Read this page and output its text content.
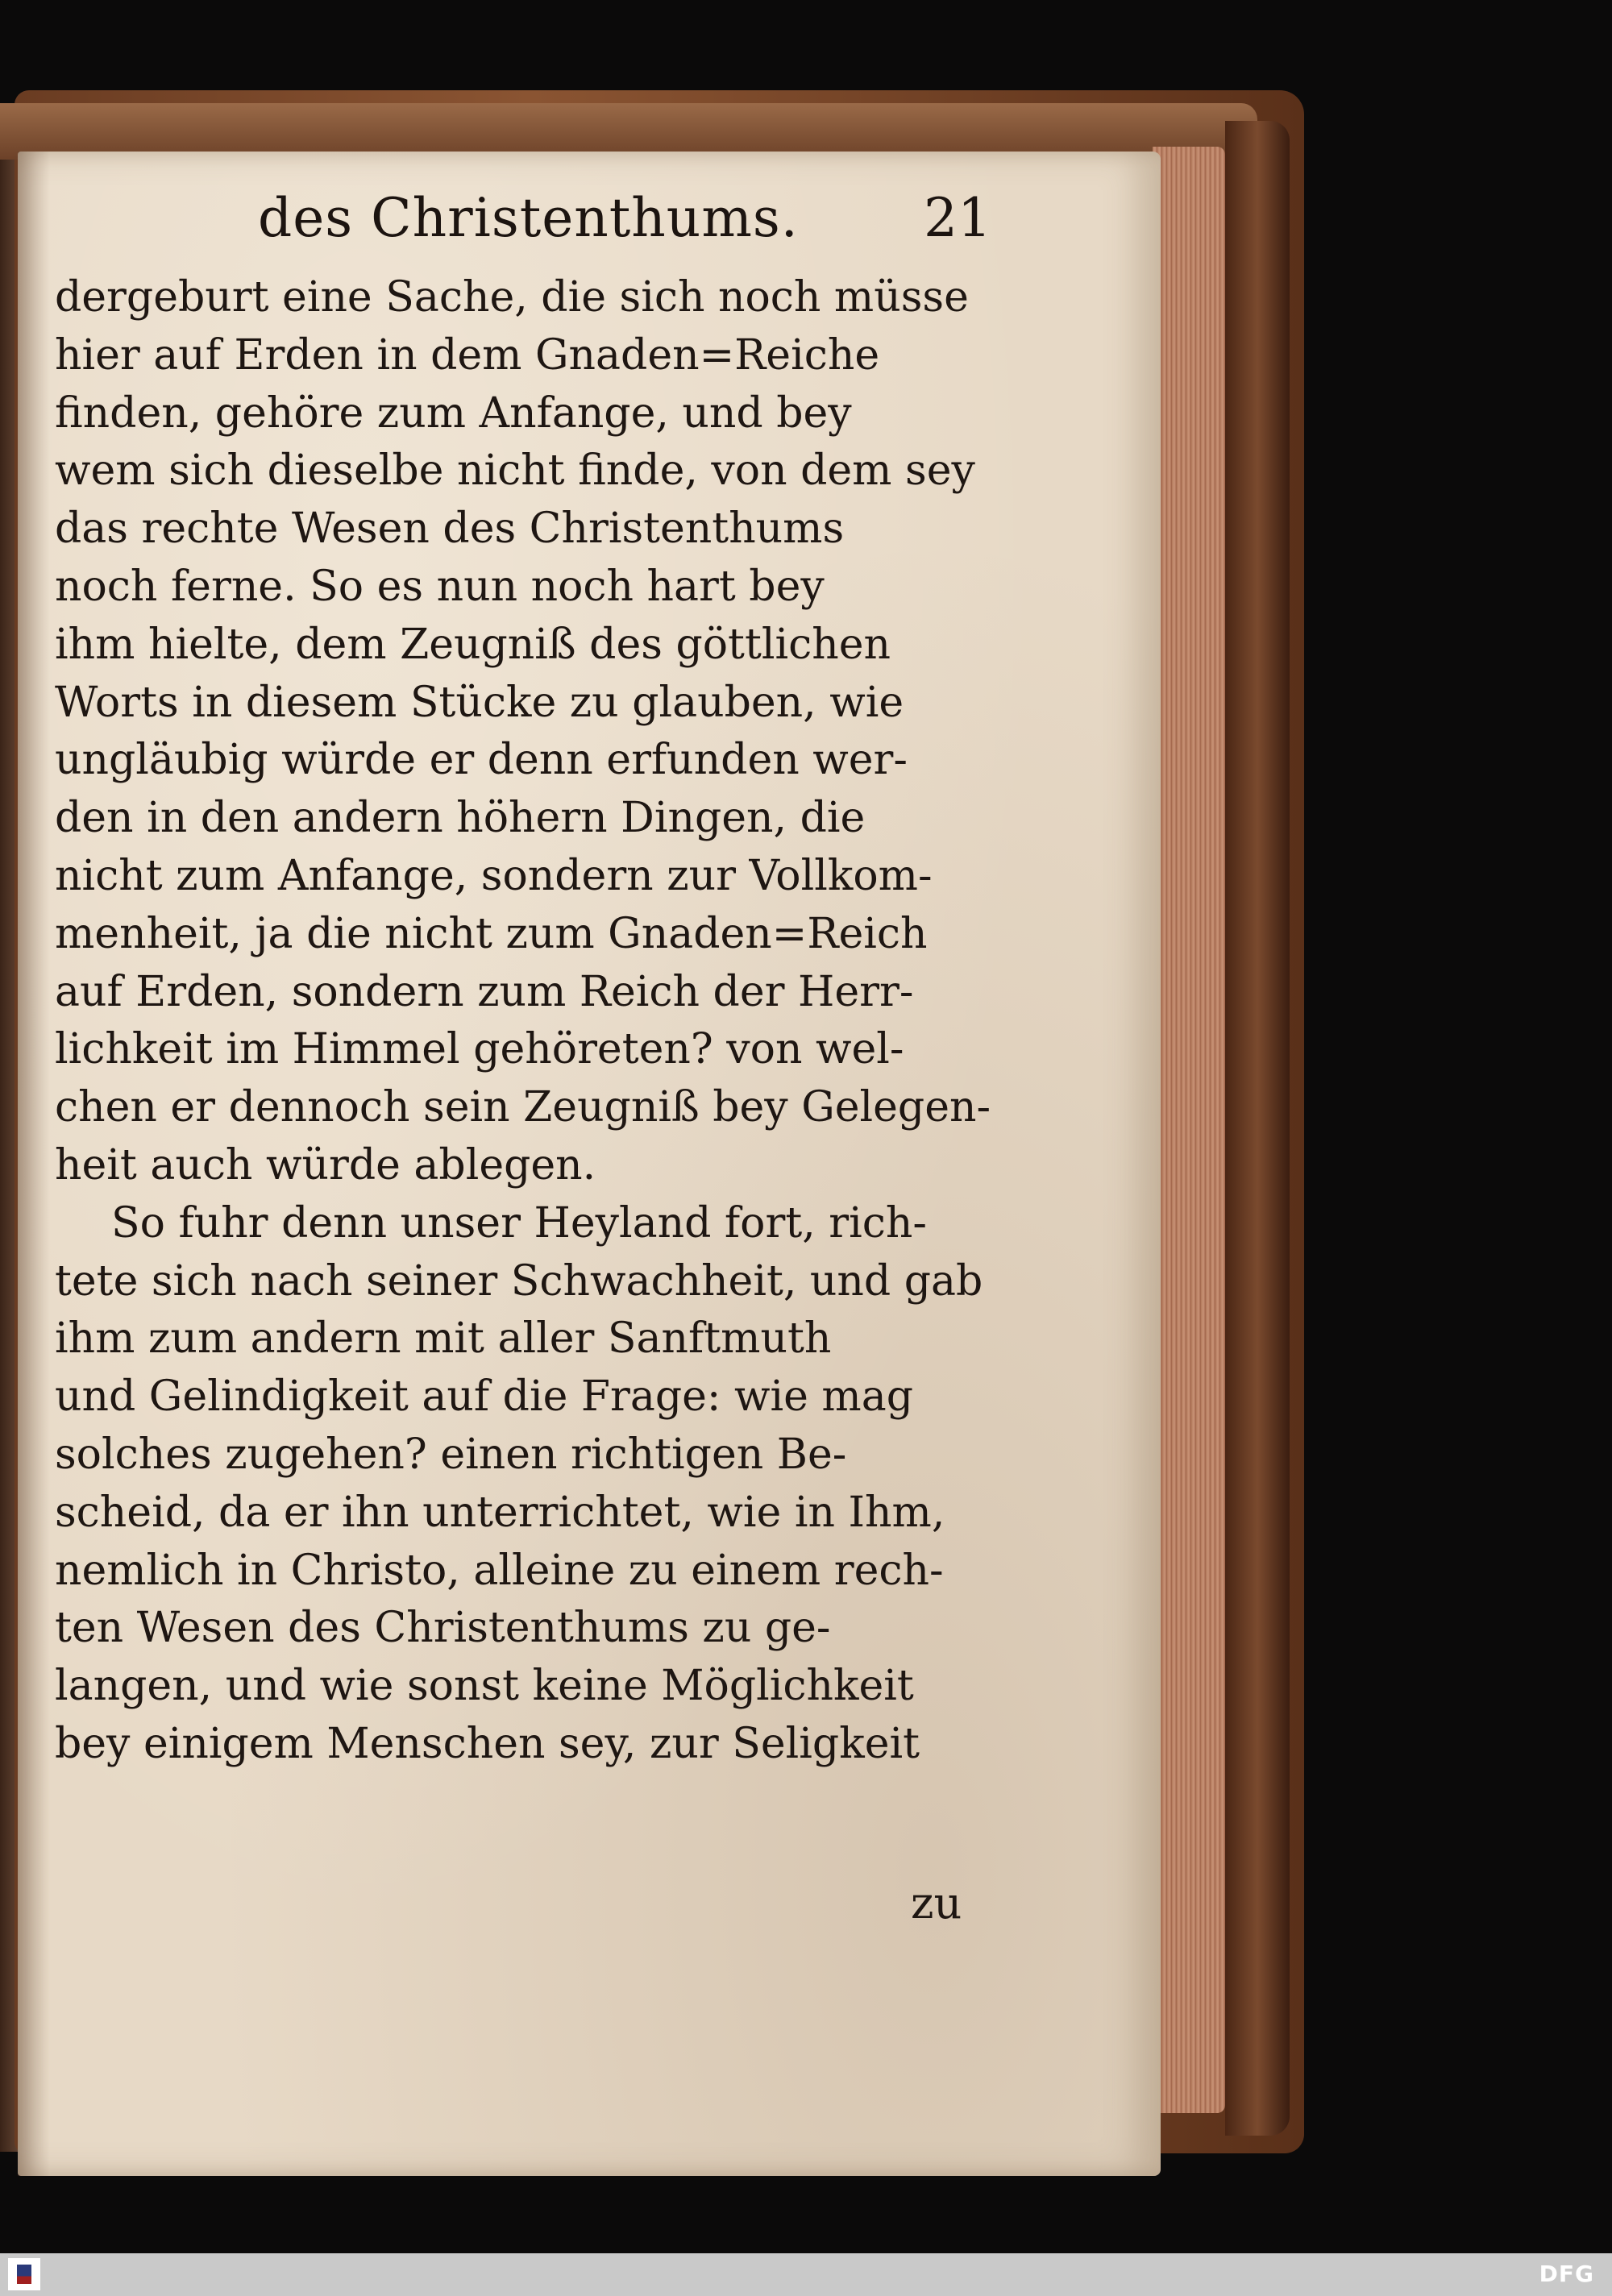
des Christenthums. 21
dergeburt eine Sache, die sich noch müsse
hier auf Erden in dem Gnaden=Reiche
finden, gehöre zum Anfange, und bey
wem sich dieselbe nicht finde, von dem sey
das rechte Wesen des Christenthums
noch ferne. So es nun noch hart bey
ihm hielte, dem Zeugniß des göttlichen
Worts in diesem Stücke zu glauben, wie
ungläubig würde er denn erfunden wer-
den in den andern höhern Dingen, die
nicht zum Anfange, sondern zur Vollkom-
menheit, ja die nicht zum Gnaden=Reich
auf Erden, sondern zum Reich der Herr-
lichkeit im Himmel gehöreten? von wel-
chen er dennoch sein Zeugniß bey Gelegen-
heit auch würde ablegen.
So fuhr denn unser Heyland fort, rich-
tete sich nach seiner Schwachheit, und gab
ihm zum andern mit aller Sanftmuth
und Gelindigkeit auf die Frage: wie mag
solches zugehen? einen richtigen Be-
scheid, da er ihn unterrichtet, wie in Ihm,
nemlich in Christo, alleine zu einem rech-
ten Wesen des Christenthums zu ge-
langen, und wie sonst keine Möglichkeit
bey einigem Menschen sey, zur Seligkeit
zu
DFG
